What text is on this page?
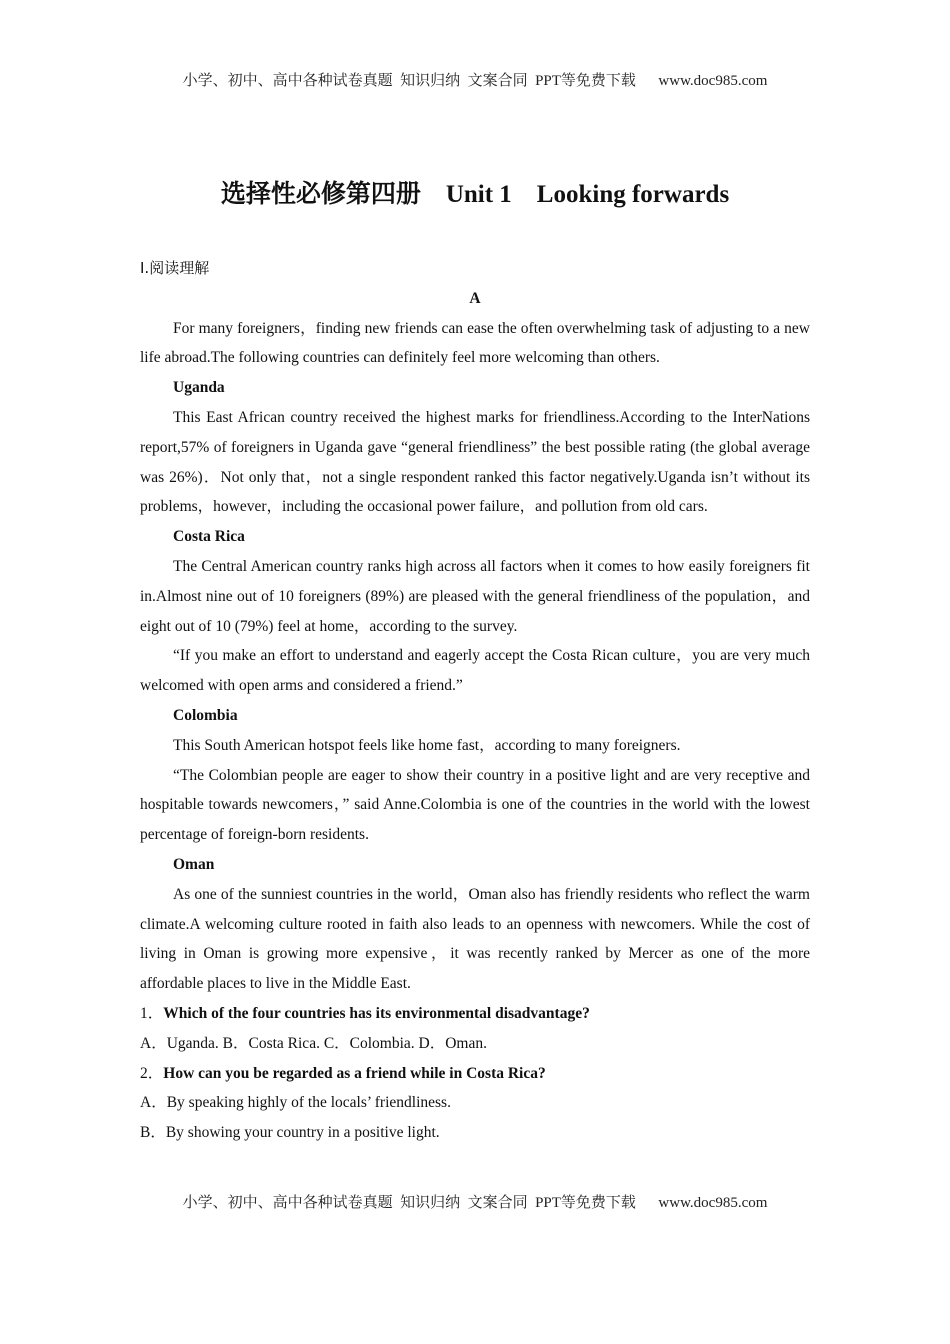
小学、初中、高中各种试卷真题  知识归纳  文案合同  PPT等免费下载      www.doc985.com
选择性必修第四册    Unit 1    Looking forwards

Ⅰ.阅读理解

A

For many foreigners，finding new friends can ease the often overwhelming task of adjusting to a new life abroad.The following countries can definitely feel more welcoming than others.

Uganda

This East African country received the highest marks for friendliness.According to the InterNations report,57% of foreigners in Uganda gave “general friendliness” the best possible rating (the global average was 26%)．Not only that，not a single respondent ranked this factor negatively.Uganda isn’t without its problems，however，including the occasional power failure，and pollution from old cars.

Costa Rica

The Central American country ranks high across all factors when it comes to how easily foreigners fit in.Almost nine out of 10 foreigners (89%) are pleased with the general friendliness of the population，and eight out of 10 (79%) feel at home，according to the survey.

“If you make an effort to understand and eagerly accept the Costa Rican culture，you are very much welcomed with open arms and considered a friend.”

Colombia

This South American hotspot feels like home fast，according to many foreigners.

“The Colombian people are eager to show their country in a positive light and are very receptive and hospitable towards newcomers，” said Anne.Colombia is one of the countries in the world with the lowest percentage of foreign-born residents.

Oman

As one of the sunniest countries in the world，Oman also has friendly residents who reflect the warm climate.A welcoming culture rooted in faith also leads to an openness with newcomers. While the cost of living in Oman is growing more expensive，it was recently ranked by Mercer as one of the more affordable places to live in the Middle East.

1．Which of the four countries has its environmental disadvantage?

A．Uganda. B．Costa Rica. C．Colombia. D．Oman.

2．How can you be regarded as a friend while in Costa Rica?

A．By speaking highly of the locals’ friendliness.

B．By showing your country in a positive light.

小学、初中、高中各种试卷真题  知识归纳  文案合同  PPT等免费下载      www.doc985.com
